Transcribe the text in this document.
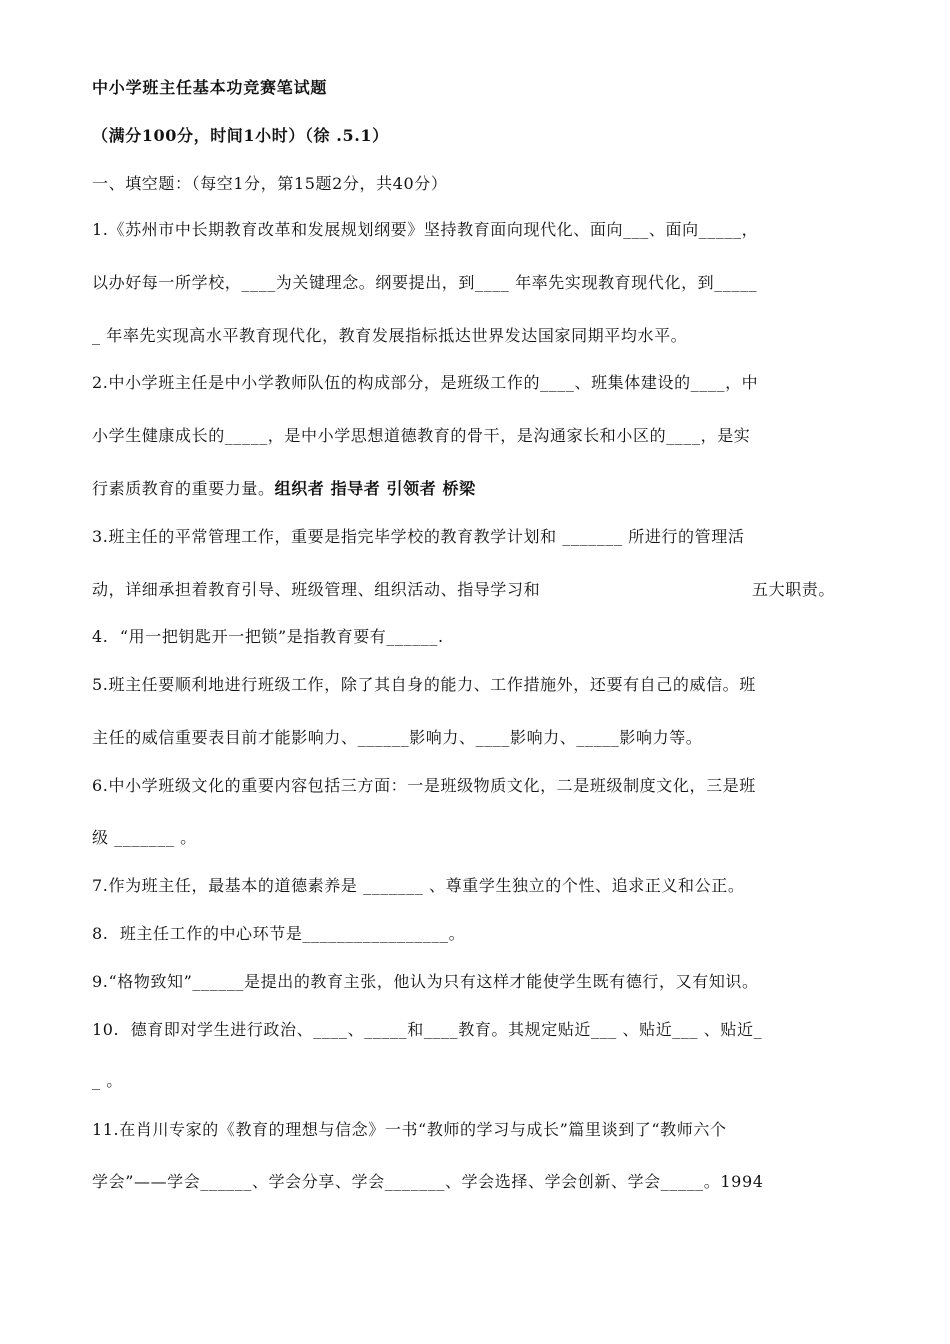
中小学班主任基本功竞赛笔试题
（满分100分，时间1小时）（徐 .5.1）
一、填空题：（每空1分，第15题2分，共40分）
1.《苏州市中长期教育改革和发展规划纲要》坚持教育面向现代化、面向___、面向_____，
以办好每一所学校，____为关键理念。纲要提出，到____ 年率先实现教育现代化，到_____
_ 年率先实现高水平教育现代化，教育发展指标抵达世界发达国家同期平均水平。
2.中小学班主任是中小学教师队伍的构成部分，是班级工作的____、班集体建设的____，中
小学生健康成长的_____，是中小学思想道德教育的骨干，是沟通家长和小区的____，是实
行素质教育的重要力量。组织者 指导者 引领者 桥梁
3.班主任的平常管理工作，重要是指完毕学校的教育教学计划和 _______ 所进行的管理活
动，详细承担着教育引导、班级管理、组织活动、指导学习和	五大职责。
4.  “用一把钥匙开一把锁”是指教育要有______.
5.班主任要顺利地进行班级工作，除了其自身的能力、工作措施外，还要有自己的威信。班
主任的威信重要表目前才能影响力、______影响力、____影响力、_____影响力等。
6.中小学班级文化的重要内容包括三方面：一是班级物质文化，二是班级制度文化，三是班
级 _______ 。
7.作为班主任，最基本的道德素养是 _______ 、尊重学生独立的个性、追求正义和公正。
8.  班主任工作的中心环节是_________________。
9.“格物致知”______是提出的教育主张，他认为只有这样才能使学生既有德行，又有知识。
10.  德育即对学生进行政治、____、_____和____教育。其规定贴近___ 、贴近___ 、贴近_
_ 。
11.在肖川专家的《教育的理想与信念》一书“教师的学习与成长”篇里谈到了“教师六个
学会”——学会______、学会分享、学会_______、学会选择、学会创新、学会_____。1994
